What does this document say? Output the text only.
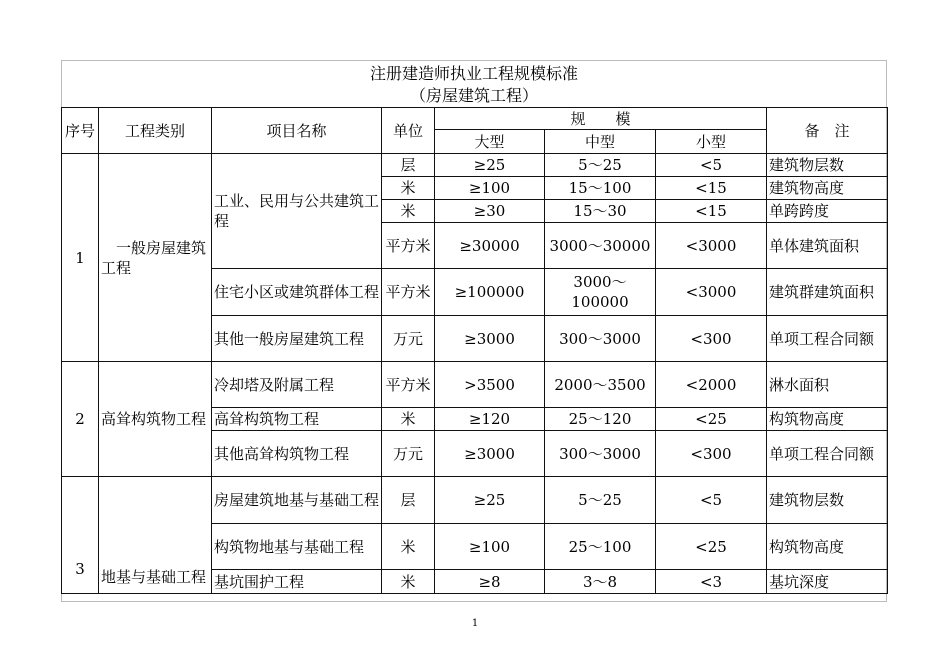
注册建造师执业工程规模标准
（房屋建筑工程）
序号	工程类别	项目名称	单位	规　　模			备　注
				大型	中型	小型	
1	　一般房屋建筑工程	工业、民用与公共建筑工程	层	≥25	5～25	<5	建筑物层数
			米	≥100	15～100	<15	建筑物高度
			米	≥30	15～30	<15	单跨跨度
			平方米	≥30000	3000～30000	<3000	单体建筑面积
		住宅小区或建筑群体工程	平方米	≥100000	3000～100000	<3000	建筑群建筑面积
		其他一般房屋建筑工程	万元	≥3000	300～3000	<300	单项工程合同额
2	高耸构筑物工程	冷却塔及附属工程	平方米	>3500	2000～3500	<2000	淋水面积
		高耸构筑物工程	米	≥120	25～120	<25	构筑物高度
		其他高耸构筑物工程	万元	≥3000	300～3000	<300	单项工程合同额
3	地基与基础工程	房屋建筑地基与基础工程	层	≥25	5～25	<5	建筑物层数
		构筑物地基与基础工程	米	≥100	25～100	<25	构筑物高度
		基坑围护工程	米	≥8	3～8	<3	基坑深度
1
